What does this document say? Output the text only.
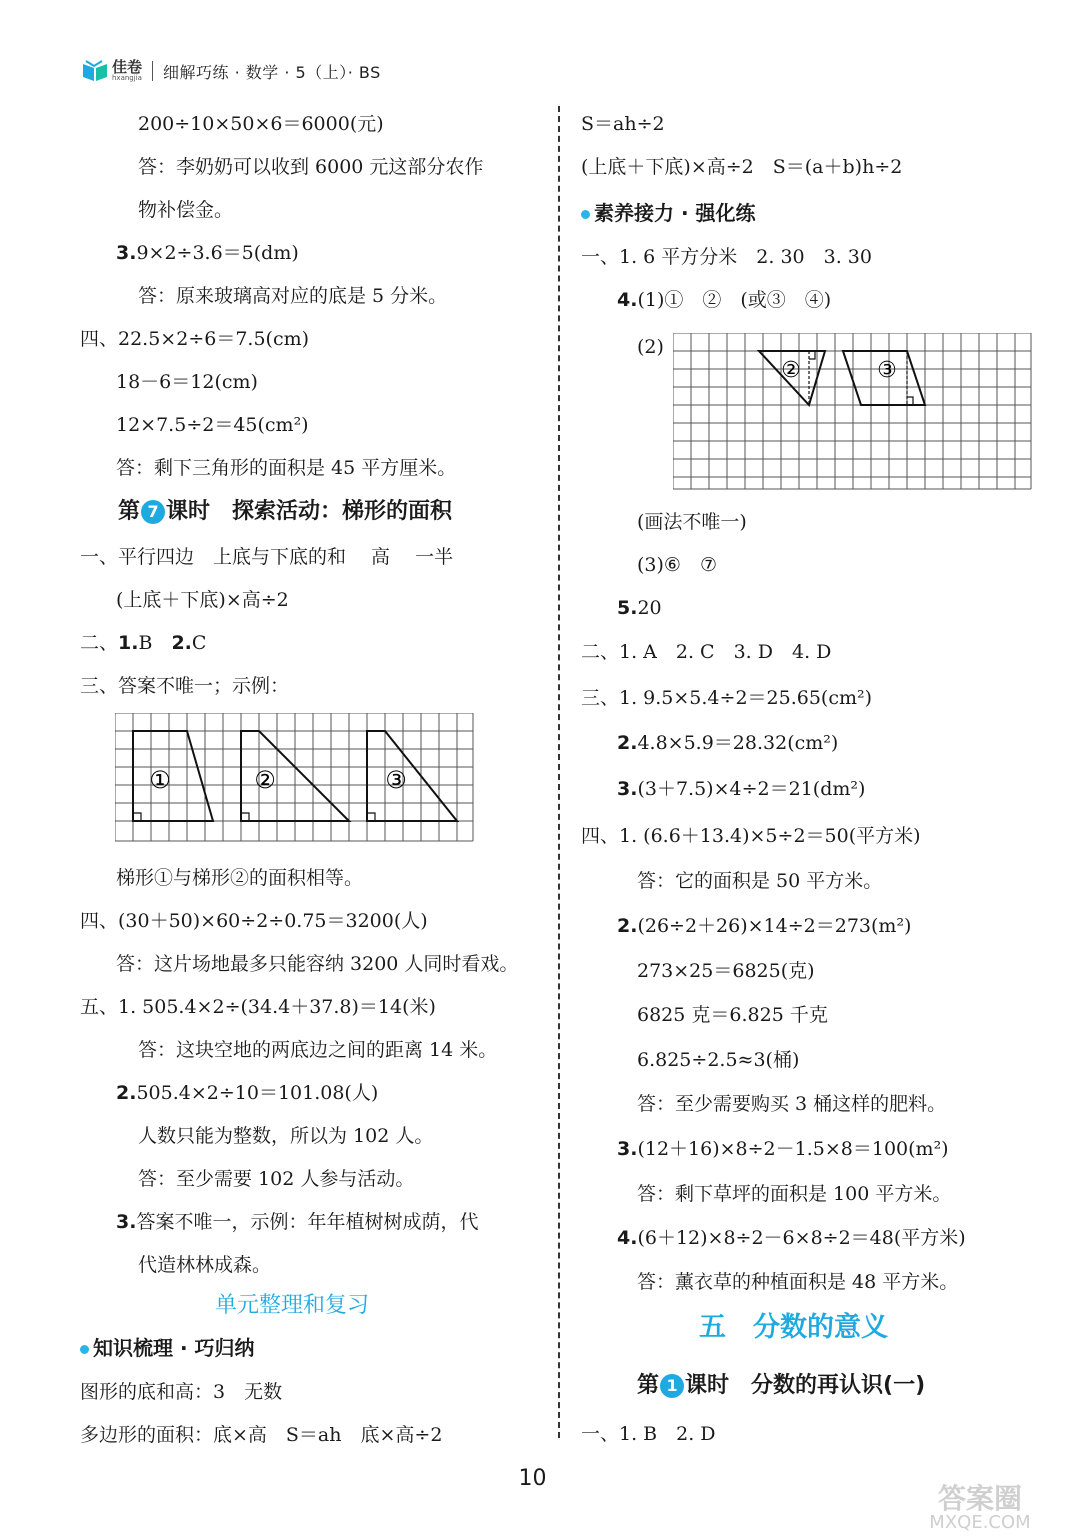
佳卷
hxangjia 细解巧练 · 数学 · 5（上）· BS
200÷10×50×6＝6000(元)
答：李奶奶可以收到 6000 元这部分农作
物补偿金。
3.9×2÷3.6＝5(dm)
答：原来玻璃高对应的底是 5 分米。
四、22.5×2÷6＝7.5(cm)
18－6＝12(cm)
12×7.5÷2＝45(cm²)
答：剩下三角形的面积是 45 平方厘米。
第 7 课时　探索活动：梯形的面积
一、平行四边　上底与下底的和　 高　 一半
(上底＋下底)×高÷2
二、1.B　2.C
三、答案不唯一；示例：
①	②	③
梯形①与梯形②的面积相等。
四、(30＋50)×60÷2÷0.75＝3200(人)
答：这片场地最多只能容纳 3200 人同时看戏。
五、1. 505.4×2÷(34.4＋37.8)＝14(米)
答：这块空地的两底边之间的距离 14 米。
2.505.4×2÷10＝101.08(人)
人数只能为整数，所以为 102 人。
答：至少需要 102 人参与活动。
3.答案不唯一，示例：年年植树树成荫，代
代造林林成森。
单元整理和复习
知识梳理 · 巧归纳
图形的底和高：3　无数
多边形的面积：底×高　S＝ah　底×高÷2
S＝ah÷2
(上底＋下底)×高÷2　S＝(a＋b)h÷2
素养接力 · 强化练
一、1. 6 平方分米　2. 30　3. 30
4.(1)①　②　(或③　④)
(2)
②	③
(画法不唯一)
(3)⑥　⑦
5.20
二、1. A　2. C　3. D　4. D
三、1. 9.5×5.4÷2＝25.65(cm²)
2.4.8×5.9＝28.32(cm²)
3.(3＋7.5)×4÷2＝21(dm²)
四、1. (6.6＋13.4)×5÷2＝50(平方米)
答：它的面积是 50 平方米。
2.(26÷2＋26)×14÷2＝273(m²)
273×25＝6825(克)
6825 克＝6.825 千克
6.825÷2.5≈3(桶)
答：至少需要购买 3 桶这样的肥料。
3.(12＋16)×8÷2－1.5×8＝100(m²)
答：剩下草坪的面积是 100 平方米。
4.(6＋12)×8÷2－6×8÷2＝48(平方米)
答：薰衣草的种植面积是 48 平方米。
五　分数的意义
第 1 课时　分数的再认识(一)
一、1. B　2. D
10
答案圈
MXQE.COM
